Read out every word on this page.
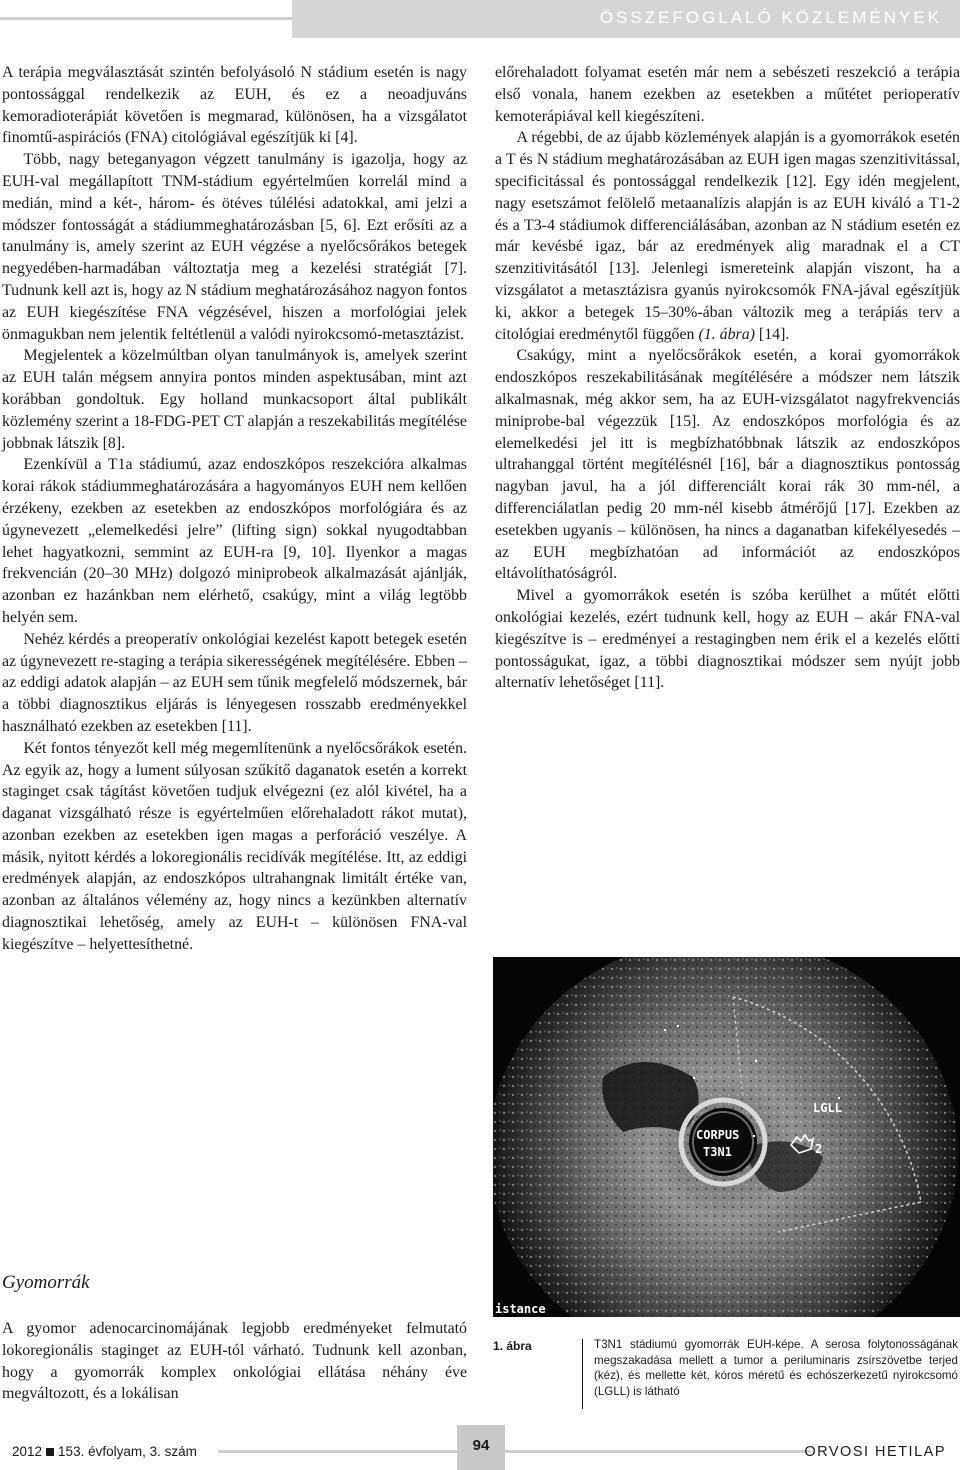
ÖSSZEFOGLALÓ KÖZLEMÉNYEK

A terápia megválasztását szintén befolyásoló N stádium esetén is nagy pontossággal rendelkezik az EUH, és ez a neoadjuváns kemoradioterápiát követően is megmarad, különösen, ha a vizsgálatot finomtű-aspirációs (FNA) citológiával egészítjük ki [4].

Több, nagy beteganyagon végzett tanulmány is igazolja, hogy az EUH-val megállapított TNM-stádium egyértelműen korrelál mind a medián, mind a két-, három- és ötéves túlélési adatokkal, ami jelzi a módszer fontosságát a stádiummeghatározásban [5, 6]. Ezt erősíti az a tanulmány is, amely szerint az EUH végzése a nyelőcsőrákos betegek negyedében-harmadában változtatja meg a kezelési stratégiát [7]. Tudnunk kell azt is, hogy az N stádium meghatározásához nagyon fontos az EUH kiegészítése FNA végzésével, hiszen a morfológiai jelek önmagukban nem jelentik feltétlenül a valódi nyirokcsomó-metasztázist.

Megjelentek a közelmúltban olyan tanulmányok is, amelyek szerint az EUH talán mégsem annyira pontos minden aspektusában, mint azt korábban gondoltuk. Egy holland munkacsoport által publikált közlemény szerint a 18-FDG-PET CT alapján a reszekabilitás megítélése jobbnak látszik [8].

Ezenkívül a T1a stádiumú, azaz endoszkópos reszekcióra alkalmas korai rákok stádiummeghatározására a hagyományos EUH nem kellően érzékeny, ezekben az esetekben az endoszkópos morfológiára és az úgynevezett „elemelkedési jelre” (lifting sign) sokkal nyugodtabban lehet hagyatkozni, semmint az EUH-ra [9, 10]. Ilyenkor a magas frekvencián (20–30 MHz) dolgozó miniprobeok alkalmazását ajánlják, azonban ez hazánkban nem elérhető, csakúgy, mint a világ legtöbb helyén sem.

Nehéz kérdés a preoperatív onkológiai kezelést kapott betegek esetén az úgynevezett re-staging a terápia sikerességének megítélésére. Ebben – az eddigi adatok alapján – az EUH sem tűnik megfelelő módszernek, bár a többi diagnosztikus eljárás is lényegesen rosszabb eredményekkel használható ezekben az esetekben [11].

Két fontos tényezőt kell még megemlítenünk a nyelőcsőrákok esetén. Az egyik az, hogy a lument súlyosan szűkítő daganatok esetén a korrekt staginget csak tágítást követően tudjuk elvégezni (ez alól kivétel, ha a daganat vizsgálható része is egyértelműen előrehaladott rákot mutat), azonban ezekben az esetekben igen magas a perforáció veszélye. A másik, nyitott kérdés a lokoregionális recidívák megítélése. Itt, az eddigi eredmények alapján, az endoszkópos ultrahangnak limitált értéke van, azonban az általános vélemény az, hogy nincs a kezünkben alternatív diagnosztikai lehetőség, amely az EUH-t – különösen FNA-val kiegészítve – helyettesíthetné.

Gyomorrák

A gyomor adenocarcinomájának legjobb eredményeket felmutató lokoregionális staginget az EUH-tól várható. Tudnunk kell azonban, hogy a gyomorrák komplex onkológiai ellátása néhány éve megváltozott, és a lokálisan

előrehaladott folyamat esetén már nem a sebészeti reszekció a terápia első vonala, hanem ezekben az esetekben a műtétet perioperatív kemoterápiával kell kiegészíteni.

A régebbi, de az újabb közlemények alapján is a gyomorrákok esetén a T és N stádium meghatározásában az EUH igen magas szenzitivitással, specificitással és pontossággal rendelkezik [12]. Egy idén megjelent, nagy esetszámot felölelő metaanalízis alapján is az EUH kiváló a T1-2 és a T3-4 stádiumok differenciálásában, azonban az N stádium esetén ez már kevésbé igaz, bár az eredmények alig maradnak el a CT szenzitivitásától [13]. Jelenlegi ismereteink alapján viszont, ha a vizsgálatot a metasztázisra gyanús nyirokcsomók FNA-jával egészítjük ki, akkor a betegek 15–30%-ában változik meg a terápiás terv a citológiai eredménytől függően (1. ábra) [14].

Csakúgy, mint a nyelőcsőrákok esetén, a korai gyomorrákok endoszkópos reszekabilitásának megítélésére a módszer nem látszik alkalmasnak, még akkor sem, ha az EUH-vizsgálatot nagyfrekvenciás miniprobe-bal végezzük [15]. Az endoszkópos morfológia és az elemelkedési jel itt is megbízhatóbbnak látszik az endoszkópos ultrahanggal történt megítélésnél [16], bár a diagnosztikus pontosság nagyban javul, ha a jól differenciált korai rák 30 mm-nél, a differenciálatlan pedig 20 mm-nél kisebb átmérőjű [17]. Ezekben az esetekben ugyanis – különösen, ha nincs a daganatban kifekélyesedés – az EUH megbízhatóan ad információt az endoszkópos eltávolíthatóságról.

Mivel a gyomorrákok esetén is szóba kerülhet a műtét előtti onkológiai kezelés, ezért tudnunk kell, hogy az EUH – akár FNA-val kiegészítve is – eredményei a restagingben nem érik el a kezelés előtti pontosságukat, igaz, a többi diagnosztikai módszer sem nyújt jobb alternatív lehetőséget [11].

CORPUS
T3N1
LGLL
2
istance
1. ábra	T3N1 stádiumú gyomorrák EUH-képe. A serosa folytonosságának megszakadása mellett a tumor a periluminaris zsírszövetbe terjed (kéz), és mellette két, kóros méretű és echószerkezetű nyirokcsomó (LGLL) is látható
2012 153. évfolyam, 3. szám	94	ORVOSI HETILAP
